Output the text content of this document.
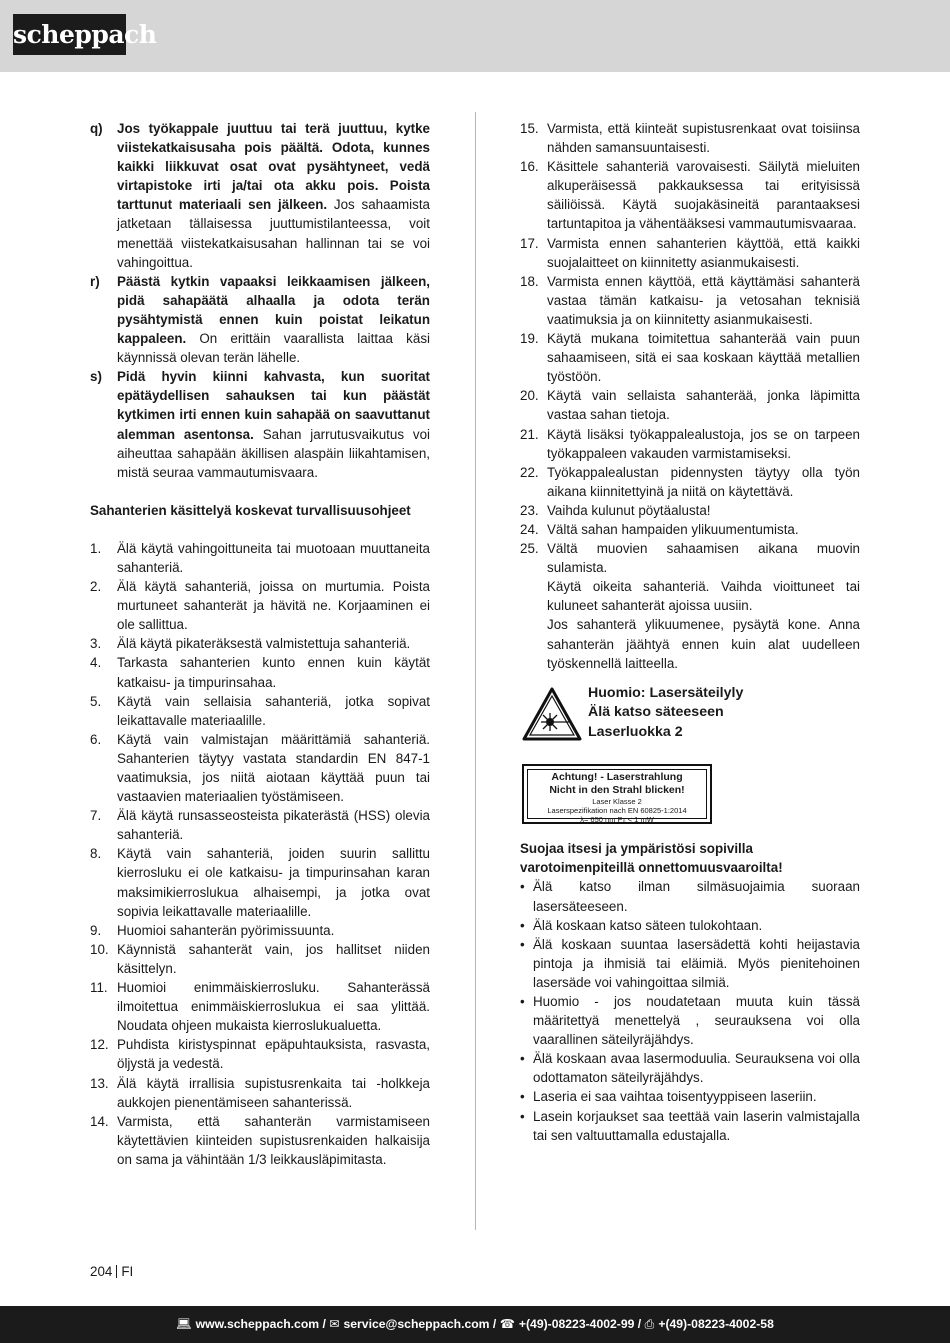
scheppach
q)	Jos työkappale juuttuu tai terä juuttuu, kytke viistekatkaisusaha pois päältä. Odota, kunnes kaikki liikkuvat osat ovat pysähtyneet, vedä virtapistoke irti ja/tai ota akku pois. Poista tarttunut materiaali sen jälkeen. Jos sahaamista jatketaan tällaisessa juuttumistilanteessa, voit menettää viistekatkaisusahan hallinnan tai se voi vahingoittua.
r)	Päästä kytkin vapaaksi leikkaamisen jälkeen, pidä sahapäätä alhaalla ja odota terän pysähtymistä ennen kuin poistat leikatun kappaleen. On erittäin vaarallista laittaa käsi käynnissä olevan terän lähelle.
s)	Pidä hyvin kiinni kahvasta, kun suoritat epätäydellisen sahauksen tai kun päästät kytkimen irti ennen kuin sahapää on saavuttanut alemman asentonsa. Sahan jarrutusvaikutus voi aiheuttaa sahapään äkillisen alaspäin liikahtamisen, mistä seuraa vammautumisvaara.
Sahanterien käsittelyä koskevat turvallisuusohjeet
1.	Älä käytä vahingoittuneita tai muotoaan muuttaneita sahanteriä.
2.	Älä käytä sahanteriä, joissa on murtumia. Poista murtuneet sahanterät ja hävitä ne. Korjaaminen ei ole sallittua.
3.	Älä käytä pikateräksestä valmistettuja sahanteriä.
4.	Tarkasta sahanterien kunto ennen kuin käytät katkaisu- ja timpurinsahaa.
5.	Käytä vain sellaisia sahanteriä, jotka sopivat leikattavalle materiaalille.
6.	Käytä vain valmistajan määrittämiä sahanteriä. Sahanterien täytyy vastata standardin EN 847-1 vaatimuksia, jos niitä aiotaan käyttää puun tai vastaavien materiaalien työstämiseen.
7.	Älä käytä runsasseosteista pikaterästä (HSS) olevia sahanteriä.
8.	Käytä vain sahanteriä, joiden suurin sallittu kierrosluku ei ole katkaisu- ja timpurinsahan karan maksimikierroslukua alhaisempi, ja jotka ovat sopivia leikattavalle materiaalille.
9.	Huomioi sahanterän pyörimissuunta.
10. Käynnistä sahanterät vain, jos hallitset niiden käsittelyn.
11. Huomioi enimmäiskierrosluku. Sahanterässä ilmoitettua enimmäiskierroslukua ei saa ylittää. Noudata ohjeen mukaista kierroslukualuetta.
12. Puhdista kiristyspinnat epäpuhtauksista, rasvasta, öljystä ja vedestä.
13. Älä käytä irrallisia supistusrenkaita tai -holkkeja aukkojen pienentämiseen sahanterissä.
14. Varmista, että sahanterän varmistamiseen käytettävien kiinteiden supistusrenkaiden halkaisija on sama ja vähintään 1/3 leikkausläpimitasta.
15. Varmista, että kiinteät supistusrenkaat ovat toisiinsa nähden samansuuntaisesti.
16. Käsittele sahanteriä varovaisesti. Säilytä mieluiten alkuperäisessä pakkauksessa tai erityisissä säiliöissä. Käytä suojakäsineitä parantaaksesi tartuntapitoa ja vähentääksesi vammautumisvaaraa.
17. Varmista ennen sahanterien käyttöä, että kaikki suojalaitteet on kiinnitetty asianmukaisesti.
18. Varmista ennen käyttöä, että käyttämäsi sahanterä vastaa tämän katkaisu- ja vetosahan teknisiä vaatimuksia ja on kiinnitetty asianmukaisesti.
19. Käytä mukana toimitettua sahanterää vain puun sahaamiseen, sitä ei saa koskaan käyttää metallien työstöön.
20. Käytä vain sellaista sahanterää, jonka läpimitta vastaa sahan tietoja.
21. Käytä lisäksi työkappalealustoja, jos se on tarpeen työkappaleen vakauden varmistamiseksi.
22. Työkappalealustan pidennysten täytyy olla työn aikana kiinnitettyinä ja niitä on käytettävä.
23. Vaihda kulunut pöytäalusta!
24. Vältä sahan hampaiden ylikuumentumista.
25. Vältä muovien sahaamisen aikana muovin sulamista.
Käytä oikeita sahanteriä. Vaihda vioittuneet tai kuluneet sahanterät ajoissa uusiin.
Jos sahanterä ylikuumenee, pysäytä kone. Anna sahanterän jäähtyä ennen kuin alat uudelleen työskennellä laitteella.
Huomio: Lasersäteilyly
Älä katso säteeseen
Laserluokka 2
Achtung! - Laserstrahlung
Nicht in den Strahl blicken!
Laser Klasse 2
Laserspezifikation nach EN 60825-1:2014
λ= 650 nm P₀ < 1 mW
Suojaa itsesi ja ympäristösi sopivilla varotoimenpiteillä onnettomuusvaaroilta!
• Älä katso ilman silmäsuojaimia suoraan lasersäteeseen.
• Älä koskaan katso säteen tulokohtaan.
• Älä koskaan suuntaa lasersädettä kohti heijastavia pintoja ja ihmisiä tai eläimiä. Myös pienitehoinen lasersäde voi vahingoittaa silmiä.
• Huomio - jos noudatetaan muuta kuin tässä määritettyä menettelyä , seurauksena voi olla vaarallinen säteilyräjähdys.
• Älä koskaan avaa lasermoduulia. Seurauksena voi olla odottamaton säteilyräjähdys.
• Laseria ei saa vaihtaa toisentyyppiseen laseriin.
• Lasein korjaukset saa teettää vain laserin valmistajalla tai sen valtuuttamalla edustajalla.
204 FI
💻︎ www.scheppach.com / ✉ service@scheppach.com / ☎ +(49)-08223-4002-99 / ⎙ +(49)-08223-4002-58
